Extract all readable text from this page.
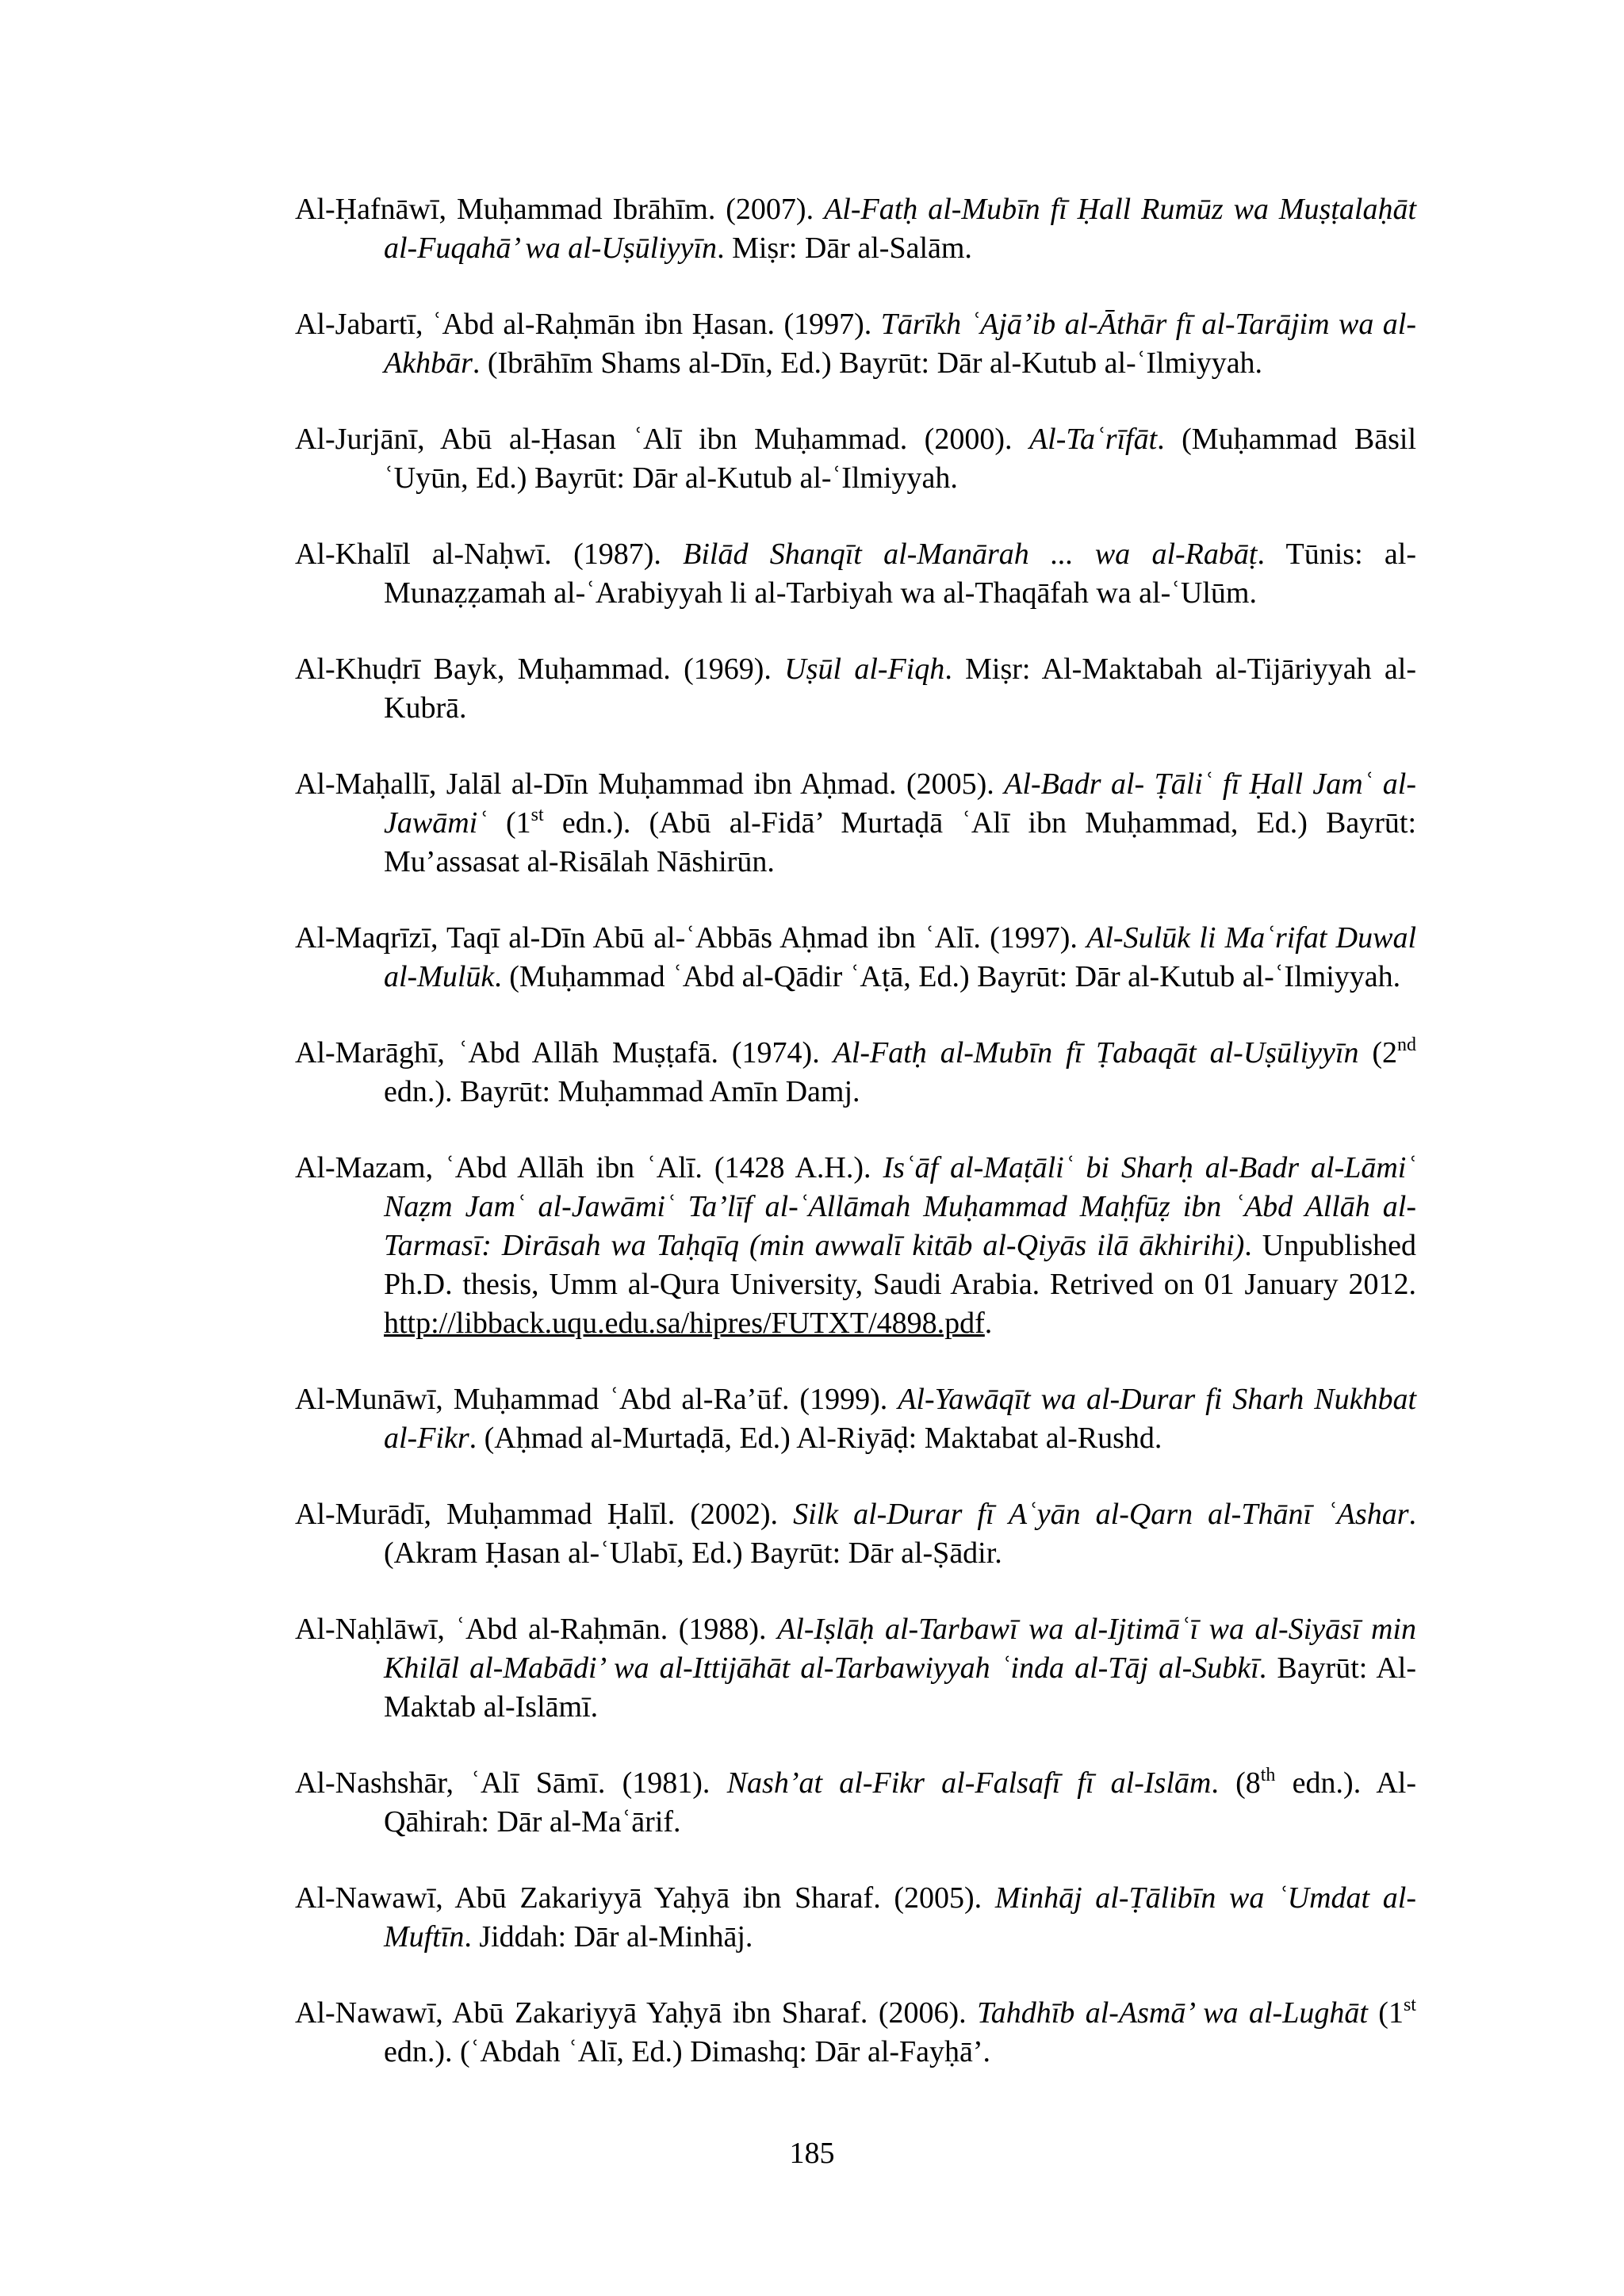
Al-Ḥafnāwī, Muḥammad Ibrāhīm. (2007). Al-Fatḥ al-Mubīn fī Ḥall Rumūz wa Muṣṭalaḥāt al-Fuqahā’ wa al-Uṣūliyyīn. Miṣr: Dār al-Salām.

Al-Jabartī, ʿAbd al-Raḥmān ibn Ḥasan. (1997). Tārīkh ʿAjā’ib al-Āthār fī al-Tarājim wa al-Akhbār. (Ibrāhīm Shams al-Dīn, Ed.) Bayrūt: Dār al-Kutub al-ʿIlmiyyah.

Al-Jurjānī, Abū al-Ḥasan ʿAlī ibn Muḥammad. (2000). Al-Taʿrīfāt. (Muḥammad Bāsil ʿUyūn, Ed.) Bayrūt: Dār al-Kutub al-ʿIlmiyyah.

Al-Khalīl al-Naḥwī. (1987). Bilād Shanqīt al-Manārah ... wa al-Rabāṭ. Tūnis: al-Munaẓẓamah al-ʿArabiyyah li al-Tarbiyah wa al-Thaqāfah wa al-ʿUlūm.

Al-Khuḍrī Bayk, Muḥammad. (1969). Uṣūl al-Fiqh. Miṣr: Al-Maktabah al-Tijāriyyah al-Kubrā.

Al-Maḥallī, Jalāl al-Dīn Muḥammad ibn Aḥmad. (2005). Al-Badr al- Ṭāliʿ fī Ḥall Jamʿ al-Jawāmiʿ (1st edn.). (Abū al-Fidā’ Murtaḍā ʿAlī ibn Muḥammad, Ed.) Bayrūt: Mu’assasat al-Risālah Nāshirūn.

Al-Maqrīzī, Taqī al-Dīn Abū al-ʿAbbās Aḥmad ibn ʿAlī. (1997). Al-Sulūk li Maʿrifat Duwal al-Mulūk. (Muḥammad ʿAbd al-Qādir ʿAṭā, Ed.) Bayrūt: Dār al-Kutub al-ʿIlmiyyah.

Al-Marāghī, ʿAbd Allāh Muṣṭafā. (1974). Al-Fatḥ al-Mubīn fī Ṭabaqāt al-Uṣūliyyīn (2nd edn.). Bayrūt: Muḥammad Amīn Damj.

Al-Mazam, ʿAbd Allāh ibn ʿAlī. (1428 A.H.). Isʿāf al-Maṭāliʿ bi Sharḥ al-Badr al-Lāmiʿ Naẓm Jamʿ al-Jawāmiʿ Ta’līf al-ʿAllāmah Muḥammad Maḥfūẓ ibn ʿAbd Allāh al-Tarmasī: Dirāsah wa Taḥqīq (min awwalī kitāb al-Qiyās ilā ākhirihi). Unpublished Ph.D. thesis, Umm al-Qura University, Saudi Arabia. Retrived on 01 January 2012. http://libback.uqu.edu.sa/hipres/FUTXT/4898.pdf.

Al-Munāwī, Muḥammad ʿAbd al-Ra’ūf. (1999). Al-Yawāqīt wa al-Durar fi Sharh Nukhbat al-Fikr. (Aḥmad al-Murtaḍā, Ed.) Al-Riyāḍ: Maktabat al-Rushd.

Al-Murādī, Muḥammad Ḥalīl. (2002). Silk al-Durar fī Aʿyān al-Qarn al-Thānī ʿAshar. (Akram Ḥasan al-ʿUlabī, Ed.) Bayrūt: Dār al-Ṣādir.

Al-Naḥlāwī, ʿAbd al-Raḥmān. (1988). Al-Iṣlāḥ al-Tarbawī wa al-Ijtimāʿī wa al-Siyāsī min Khilāl al-Mabādi’ wa al-Ittijāhāt al-Tarbawiyyah ʿinda al-Tāj al-Subkī. Bayrūt: Al-Maktab al-Islāmī.

Al-Nashshār, ʿAlī Sāmī. (1981). Nash’at al-Fikr al-Falsafī fī al-Islām. (8th edn.). Al-Qāhirah: Dār al-Maʿārif.

Al-Nawawī, Abū Zakariyyā Yaḥyā ibn Sharaf. (2005). Minhāj al-Ṭālibīn wa ʿUmdat al-Muftīn. Jiddah: Dār al-Minhāj.

Al-Nawawī, Abū Zakariyyā Yaḥyā ibn Sharaf. (2006). Tahdhīb al-Asmā’ wa al-Lughāt (1st edn.). (ʿAbdah ʿAlī, Ed.) Dimashq: Dār al-Fayḥā’.

185
